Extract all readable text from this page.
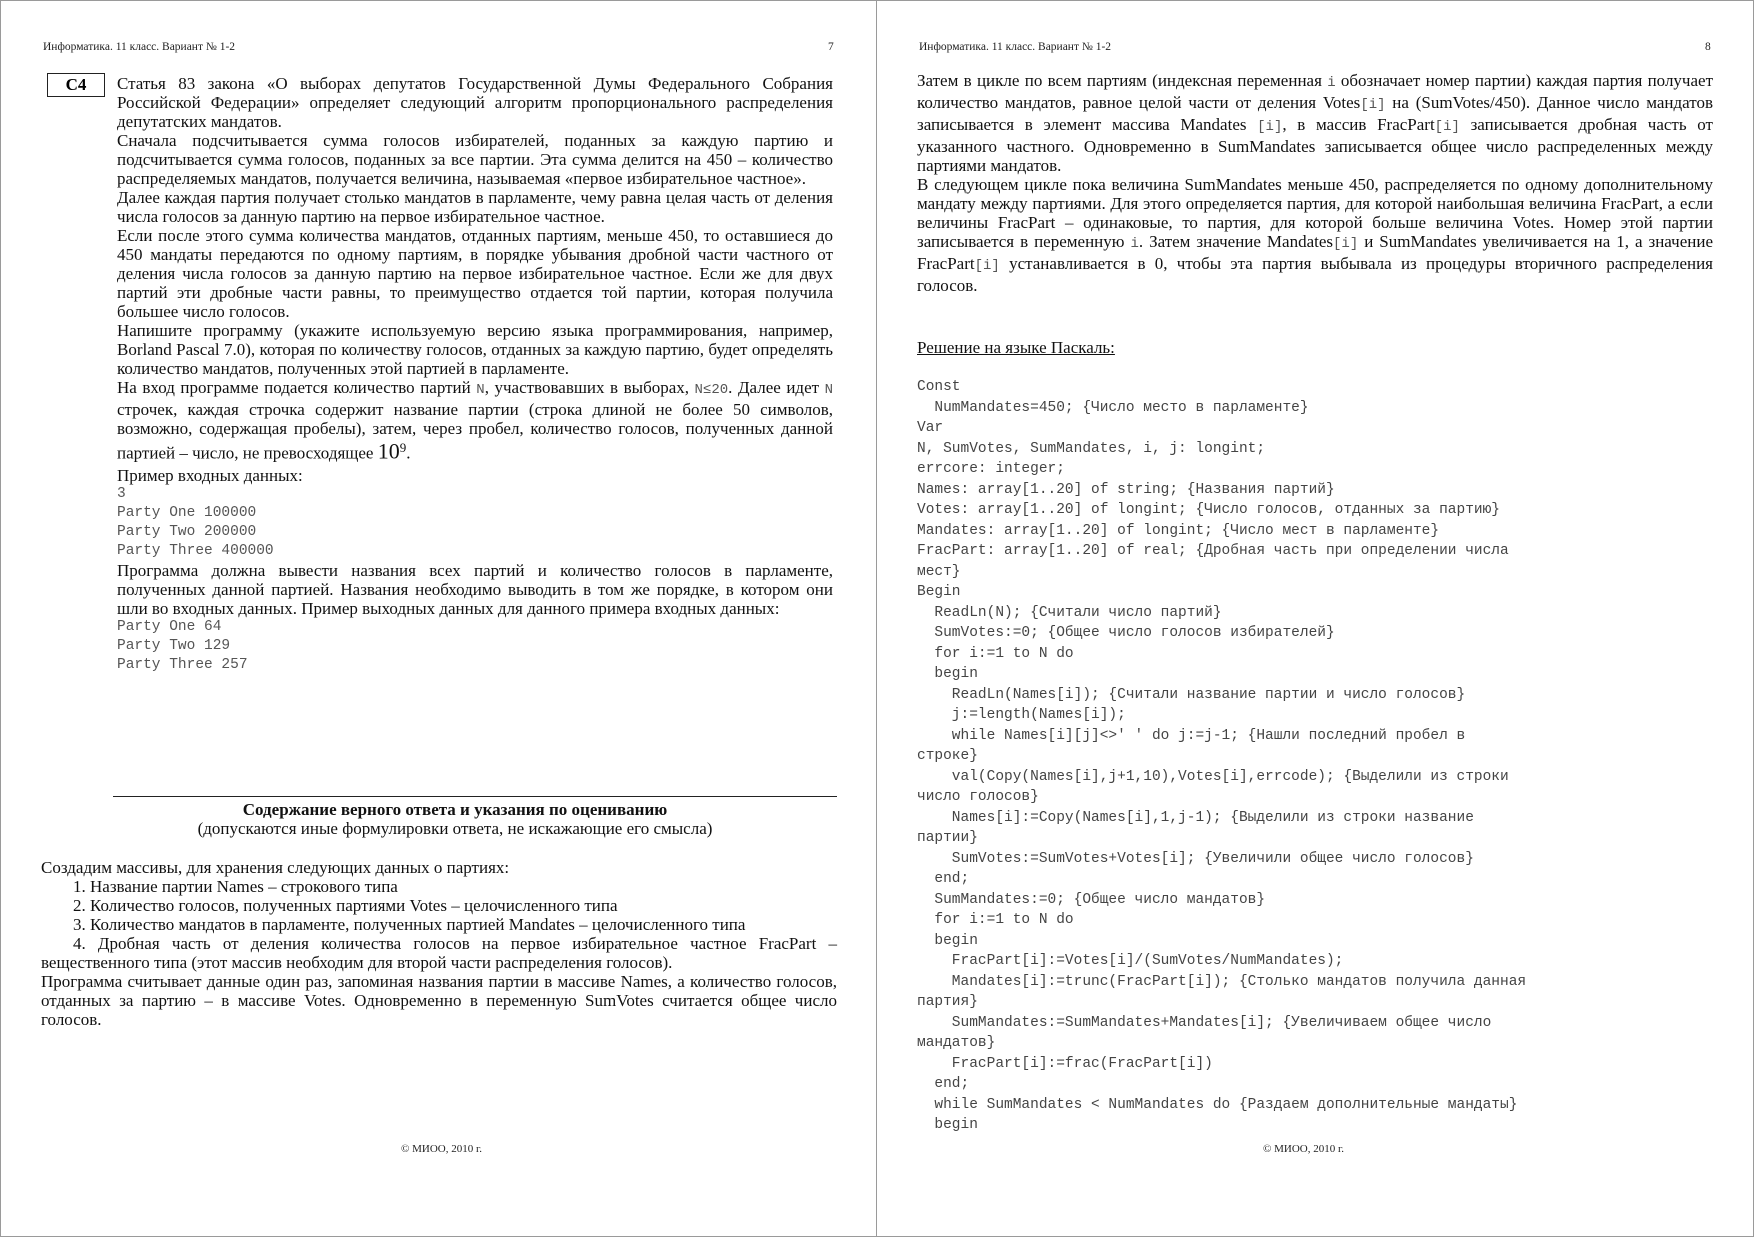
Информатика. 11 класс. Вариант № 1-2	7
С4	Статья 83 закона «О выборах депутатов Государственной Думы Федерального Собрания Российской Федерации» определяет следующий алгоритм пропорционального распределения депутатских мандатов.

Сначала подсчитывается сумма голосов избирателей, поданных за каждую партию и подсчитывается сумма голосов, поданных за все партии. Эта сумма делится на 450 – количество распределяемых мандатов, получается величина, называемая «первое избирательное частное».

Далее каждая партия получает столько мандатов в парламенте, чему равна целая часть от деления числа голосов за данную партию на первое избирательное частное.

Если после этого сумма количества мандатов, отданных партиям, меньше 450, то оставшиеся до 450 мандаты передаются по одному партиям, в порядке убывания дробной части частного от деления числа голосов за данную партию на первое избирательное частное. Если же для двух партий эти дробные части равны, то преимущество отдается той партии, которая получила большее число голосов.

Напишите программу (укажите используемую версию языка программирования, например, Borland Pascal 7.0), которая по количеству голосов, отданных за каждую партию, будет определять количество мандатов, полученных этой партией в парламенте.

На вход программе подается количество партий N, участвовавших в выборах, N≤20. Далее идет N строчек, каждая строчка содержит название партии (строка длиной не более 50 символов, возможно, содержащая пробелы), затем, через пробел, количество голосов, полученных данной партией – число, не превосходящее $10^9$.

Пример входных данных:

3

Party One 100000

Party Two 200000

Party Three 400000

Программа должна вывести названия всех партий и количество голосов в парламенте, полученных данной партией. Названия необходимо выводить в том же порядке, в котором они шли во входных данных. Пример выходных данных для данного примера входных данных:

Party One 64

Party Two 129

Party Three 257

Содержание верного ответа и указания по оцениванию
(допускаются иные формулировки ответа, не искажающие его смысла)

Создадим массивы, для хранения следующих данных о партиях:

1. Название партии Names – строкового типа
2. Количество голосов, полученных партиями Votes – целочисленного типа
3. Количество мандатов в парламенте, полученных партией Mandates – целочисленного типа
4. Дробная часть от деления количества голосов на первое избирательное частное FracPart – вещественного типа (этот массив необходим для второй части распределения голосов).

Программа считывает данные один раз, запоминая названия партии в массиве Names, а количество голосов, отданных за партию – в массиве Votes. Одновременно в переменную SumVotes считается общее число голосов.

© МИОО, 2010 г.
Информатика. 11 класс. Вариант № 1-2	8

Затем в цикле по всем партиям (индексная переменная i обозначает номер партии) каждая партия получает количество мандатов, равное целой части от деления Votes[i] на (SumVotes/450). Данное число мандатов записывается в элемент массива Mandates [i], в массив FracPart[i] записывается дробная часть от указанного частного. Одновременно в SumMandates записывается общее число распределенных между партиями мандатов.

В следующем цикле пока величина SumMandates меньше 450, распределяется по одному дополнительному мандату между партиями. Для этого определяется партия, для которой наибольшая величина FracPart, а если величины FracPart – одинаковые, то партия, для которой больше величина Votes. Номер этой партии записывается в переменную i. Затем значение Mandates[i] и SumMandates увеличивается на 1, а значение FracPart[i] устанавливается в 0, чтобы эта партия выбывала из процедуры вторичного распределения голосов.

Решение на языке Паскаль:

Const

NumMandates=450; {Число место в парламенте}

Var

N, SumVotes, SumMandates, i, j: longint;

errcore: integer;

Names: array[1..20] of string; {Названия партий}

Votes: array[1..20] of longint; {Число голосов, отданных за партию}

Mandates: array[1..20] of longint; {Число мест в парламенте}

FracPart: array[1..20] of real; {Дробная часть при определении числа

мест}

Begin

ReadLn(N); {Считали число партий}

SumVotes:=0; {Общее число голосов избирателей}

for i:=1 to N do

begin

ReadLn(Names[i]); {Считали название партии и число голосов}

j:=length(Names[i]);

while Names[i][j]<>' ' do j:=j-1; {Нашли последний пробел в

строке}

val(Copy(Names[i],j+1,10),Votes[i],errcode); {Выделили из строки

число голосов}

Names[i]:=Copy(Names[i],1,j-1); {Выделили из строки название

партии}

SumVotes:=SumVotes+Votes[i]; {Увеличили общее число голосов}

end;

SumMandates:=0; {Общее число мандатов}

for i:=1 to N do

begin

FracPart[i]:=Votes[i]/(SumVotes/NumMandates);

Mandates[i]:=trunc(FracPart[i]); {Столько мандатов получила данная

партия}

SumMandates:=SumMandates+Mandates[i]; {Увеличиваем общее число

мандатов}

FracPart[i]:=frac(FracPart[i])

end;

while SumMandates < NumMandates do {Раздаем дополнительные мандаты}

begin

© МИОО, 2010 г.
